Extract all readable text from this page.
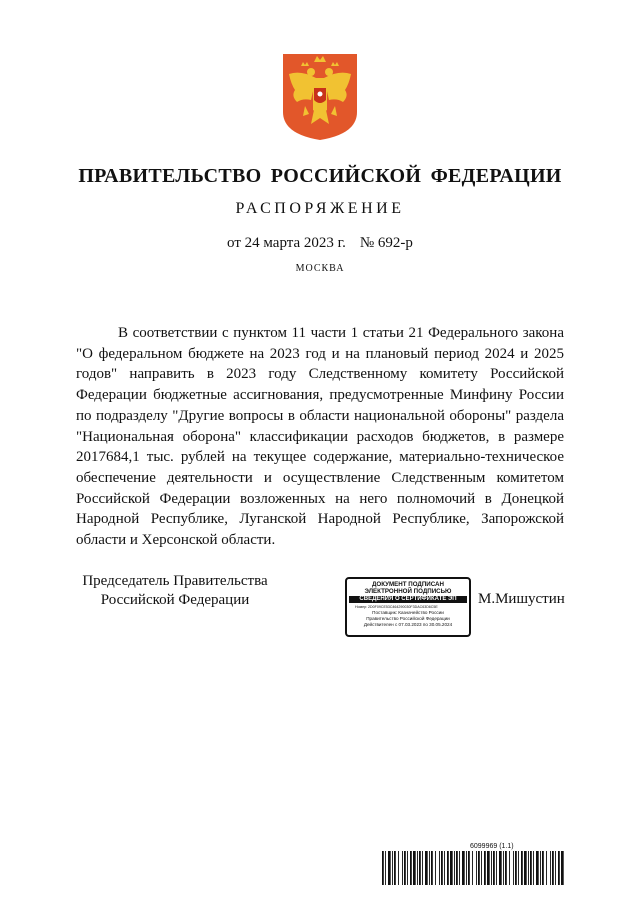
ПРАВИТЕЛЬСТВО РОССИЙСКОЙ ФЕДЕРАЦИИ
РАСПОРЯЖЕНИЕ
от 24 марта 2023 г. № 692-р
МОСКВА

В соответствии с пунктом 11 части 1 статьи 21 Федерального закона "О федеральном бюджете на 2023 год и на плановый период 2024 и 2025 годов" направить в 2023 году Следственному комитету Российской Федерации бюджетные ассигнования, предусмотренные Минфину России по подразделу "Другие вопросы в области национальной обороны" раздела "Национальная оборона" классификации расходов бюджетов, в размере 2017684,1 тыс. рублей на текущее содержание, материально-техническое обеспечение деятельности и осуществление Следственным комитетом Российской Федерации возложенных на него полномочий в Донецкой Народной Республике, Луганской Народной Республике, Запорожской области и Херсонской области.

Председатель Правительства
Российской Федерации
ДОКУМЕНТ ПОДПИСАН
ЭЛЕКТРОННОЙ ПОДПИСЬЮ
СВЕДЕНИЯ О СЕРТИФИКАТЕ ЭП
Номер: 2D0F09CE53C464290030F3DAC63D6C5E
Поставщик: Казначейство России
Правительство Российской Федерации
Действителен с 07.03.2023 по 30.05.2024
М.Мишустин
6099969 (1.1)
